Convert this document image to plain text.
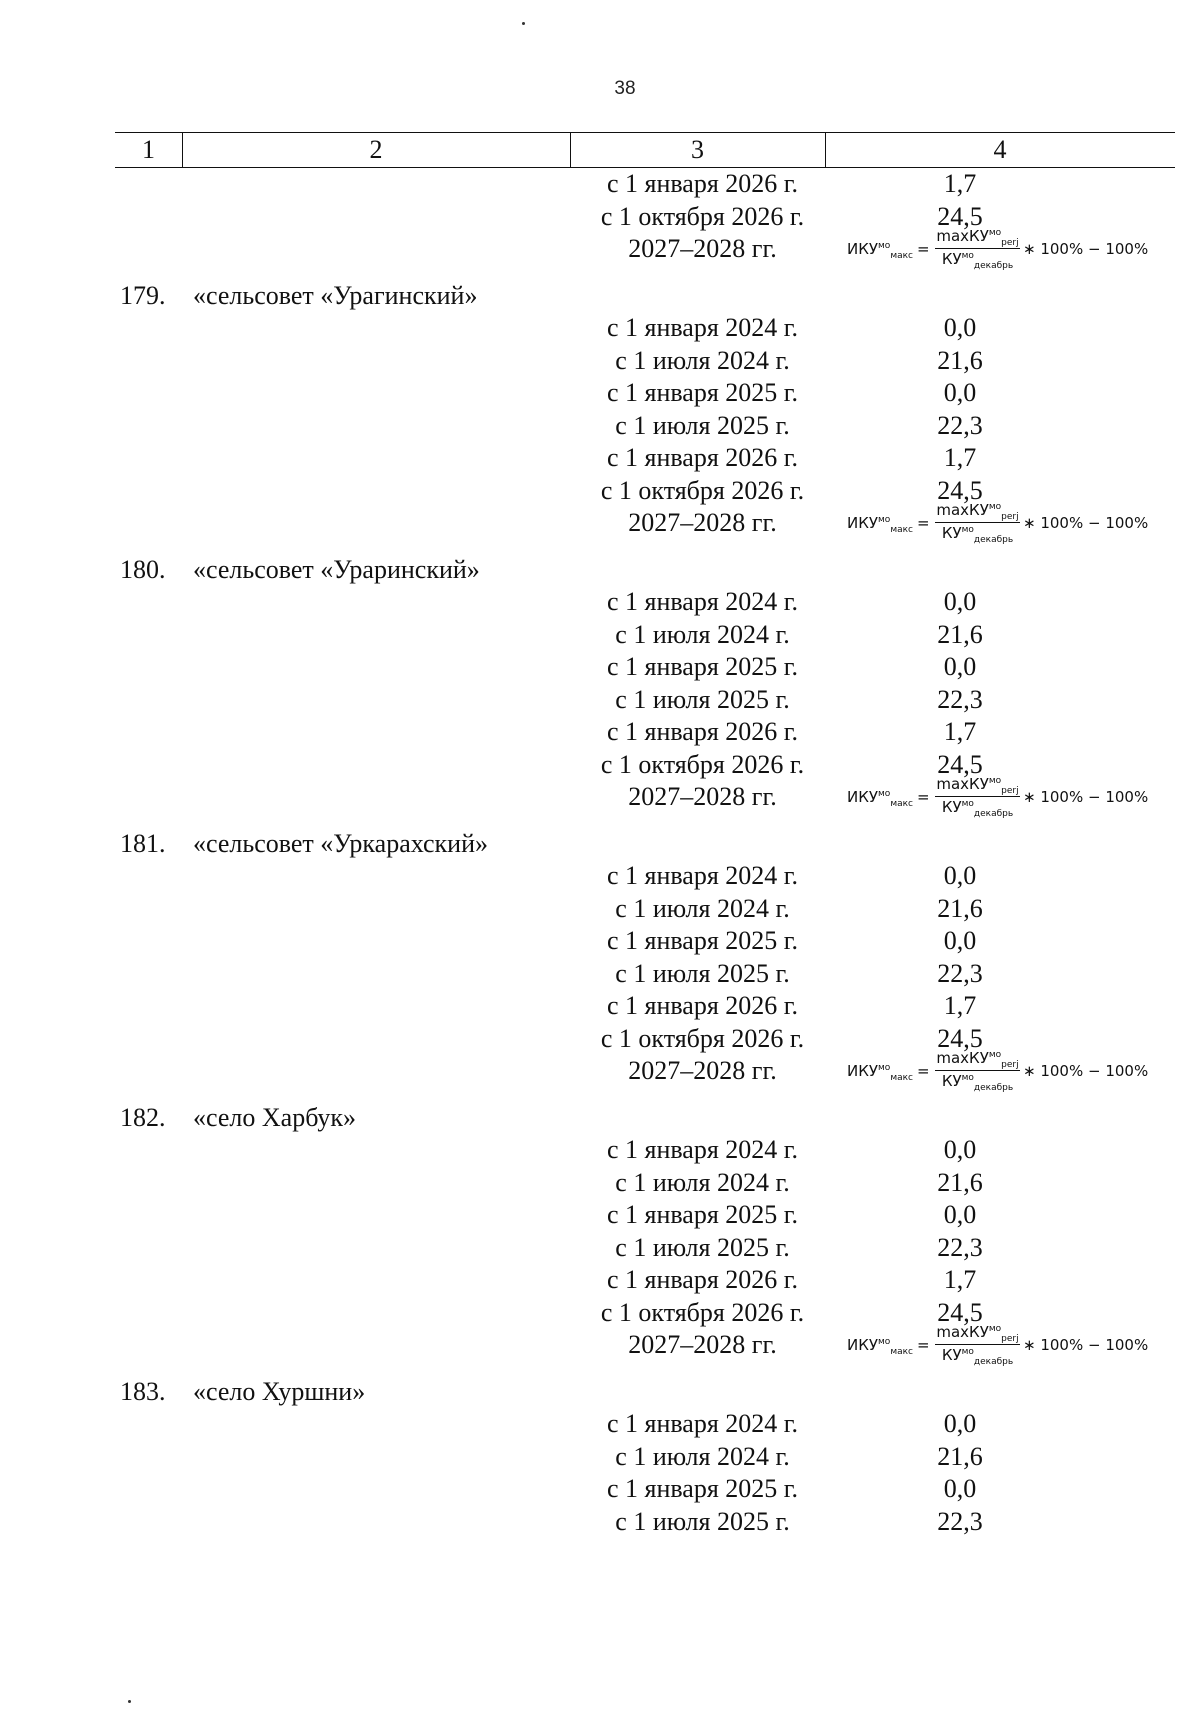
38
1	2	3	4
с 1 января 2026 г.	1,7
с 1 октября 2026 г.	24,5
2027–2028 гг.	$ИКУ^{мо}_{макс}$ =
maxКУ$^{мо}_{perj}$
$КУ^{мо}_{декабрь}$
∗ 100% − 100%
179. «сельсовет «Урагинский»
с 1 января 2024 г.	0,0
с 1 июля 2024 г.	21,6
с 1 января 2025 г.	0,0
с 1 июля 2025 г.	22,3
с 1 января 2026 г.	1,7
с 1 октября 2026 г.	24,5
2027–2028 гг.	$ИКУ^{мо}_{макс}$ =
maxКУ$^{мо}_{perj}$
$КУ^{мо}_{декабрь}$
∗ 100% − 100%
180. «сельсовет «Ураринский»
с 1 января 2024 г.	0,0
с 1 июля 2024 г.	21,6
с 1 января 2025 г.	0,0
с 1 июля 2025 г.	22,3
с 1 января 2026 г.	1,7
с 1 октября 2026 г.	24,5
2027–2028 гг.	$ИКУ^{мо}_{макс}$ =
maxКУ$^{мо}_{perj}$
$КУ^{мо}_{декабрь}$
∗ 100% − 100%
181. «сельсовет «Уркарахский»
с 1 января 2024 г.	0,0
с 1 июля 2024 г.	21,6
с 1 января 2025 г.	0,0
с 1 июля 2025 г.	22,3
с 1 января 2026 г.	1,7
с 1 октября 2026 г.	24,5
2027–2028 гг.	$ИКУ^{мо}_{макс}$ =
maxКУ$^{мо}_{perj}$
$КУ^{мо}_{декабрь}$
∗ 100% − 100%
182. «село Харбук»
с 1 января 2024 г.	0,0
с 1 июля 2024 г.	21,6
с 1 января 2025 г.	0,0
с 1 июля 2025 г.	22,3
с 1 января 2026 г.	1,7
с 1 октября 2026 г.	24,5
2027–2028 гг.	$ИКУ^{мо}_{макс}$ =
maxКУ$^{мо}_{perj}$
$КУ^{мо}_{декабрь}$
∗ 100% − 100%
183. «село Хуршни»
с 1 января 2024 г.	0,0
с 1 июля 2024 г.	21,6
с 1 января 2025 г.	0,0
с 1 июля 2025 г.	22,3
